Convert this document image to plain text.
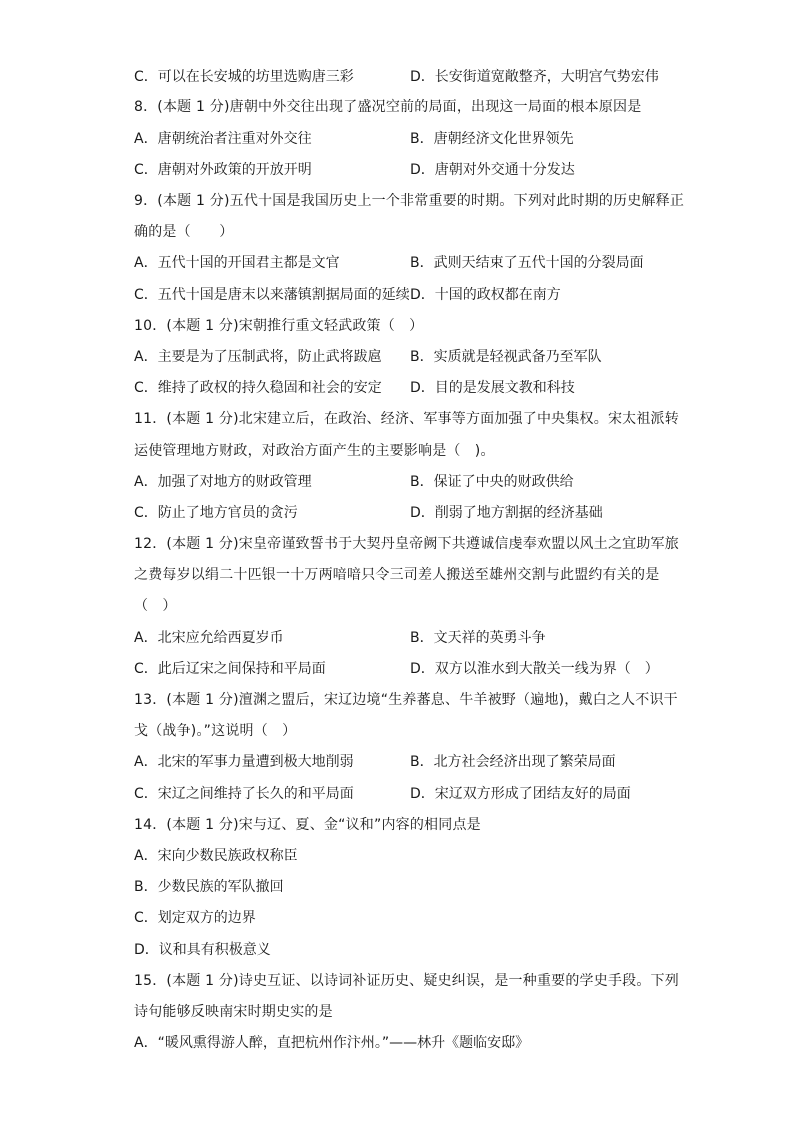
C．可以在长安城的坊里选购唐三彩	D．长安街道宽敞整齐，大明宫气势宏伟
8．(本题 1 分)唐朝中外交往出现了盛况空前的局面，出现这一局面的根本原因是
A．唐朝统治者注重对外交往	B．唐朝经济文化世界领先
C．唐朝对外政策的开放开明	D．唐朝对外交通十分发达
9．(本题 1 分)五代十国是我国历史上一个非常重要的时期。下列对此时期的历史解释正
确的是（　　）
A．五代十国的开国君主都是文官	B．武则天结束了五代十国的分裂局面
C．五代十国是唐末以来藩镇割据局面的延续 D．十国的政权都在南方
10．(本题 1 分)宋朝推行重文轻武政策（　）
A．主要是为了压制武将，防止武将跋扈 B．实质就是轻视武备乃至军队
C．维持了政权的持久稳固和社会的安定 D．目的是发展文教和科技
11．(本题 1 分)北宋建立后，在政治、经济、军事等方面加强了中央集权。宋太祖派转
运使管理地方财政，对政治方面产生的主要影响是（　)。
A．加强了对地方的财政管理	B．保证了中央的财政供给
C．防止了地方官员的贪污	D．削弱了地方割据的经济基础
12．(本题 1 分)宋皇帝谨致誓书于大契丹皇帝阙下共遵诚信虔奉欢盟以风土之宜助军旅
之费每岁以绢二十匹银一十万两喑喑只令三司差人搬送至雄州交割与此盟约有关的是
（　）
A．北宋应允给西夏岁币	B．文天祥的英勇斗争
C．此后辽宋之间保持和平局面	D．双方以淮水到大散关一线为界（　）
13．(本题 1 分)澶渊之盟后，宋辽边境“生养蕃息、牛羊被野（遍地)，戴白之人不识干
戈（战争)。”这说明（　）
A．北宋的军事力量遭到极大地削弱	B．北方社会经济出现了繁荣局面
C．宋辽之间维持了长久的和平局面	D．宋辽双方形成了团结友好的局面
14．(本题 1 分)宋与辽、夏、金“议和”内容的相同点是
A．宋向少数民族政权称臣
B．少数民族的军队撤回
C．划定双方的边界
D．议和具有积极意义
15．(本题 1 分)诗史互证、以诗词补证历史、疑史纠误，是一种重要的学史手段。下列
诗句能够反映南宋时期史实的是
A．“暖风熏得游人醉，直把杭州作汴州。”——林升《题临安邸》
